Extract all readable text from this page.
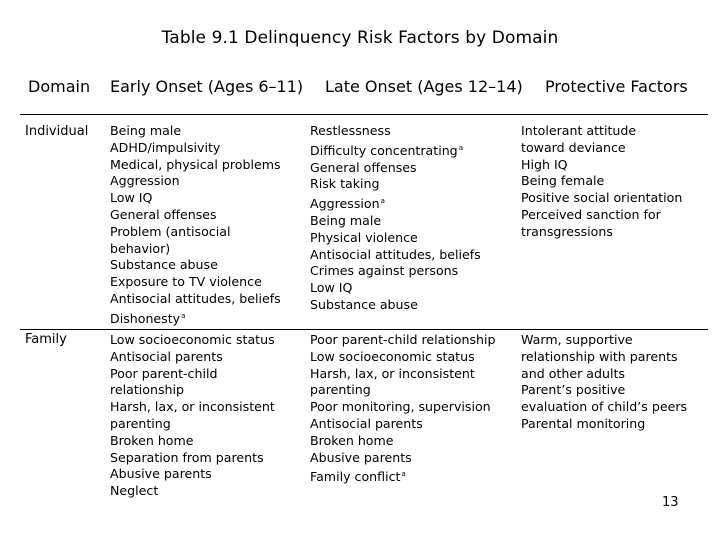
Table 9.1 Delinquency Risk Factors by Domain
Domain Early Onset (Ages 6–11) Late Onset (Ages 12–14) Protective Factors
Individual Being male
ADHD/impulsivity
Medical, physical problems
Aggression
Low IQ
General offenses
Problem (antisocial
behavior)
Substance abuse
Exposure to TV violence
Antisocial attitudes, beliefs
Dishonesty$^a$
Restlessness
Difficulty concentrating$^a$
General offenses
Risk taking
Aggression$^a$
Being male
Physical violence
Antisocial attitudes, beliefs
Crimes against persons
Low IQ
Substance abuse
Intolerant attitude
toward deviance
High IQ
Being female
Positive social orientation
Perceived sanction for
transgressions
Family	Low socioeconomic status
Antisocial parents
Poor parent-child
relationship
Harsh, lax, or inconsistent
parenting
Broken home
Separation from parents
Abusive parents
Neglect
Poor parent-child relationship
Low socioeconomic status
Harsh, lax, or inconsistent
parenting
Poor monitoring, supervision
Antisocial parents
Broken home
Abusive parents
Family conflict$^a$
Warm, supportive
relationship with parents
and other adults
Parent’s positive
evaluation of child’s peers
Parental monitoring
13
